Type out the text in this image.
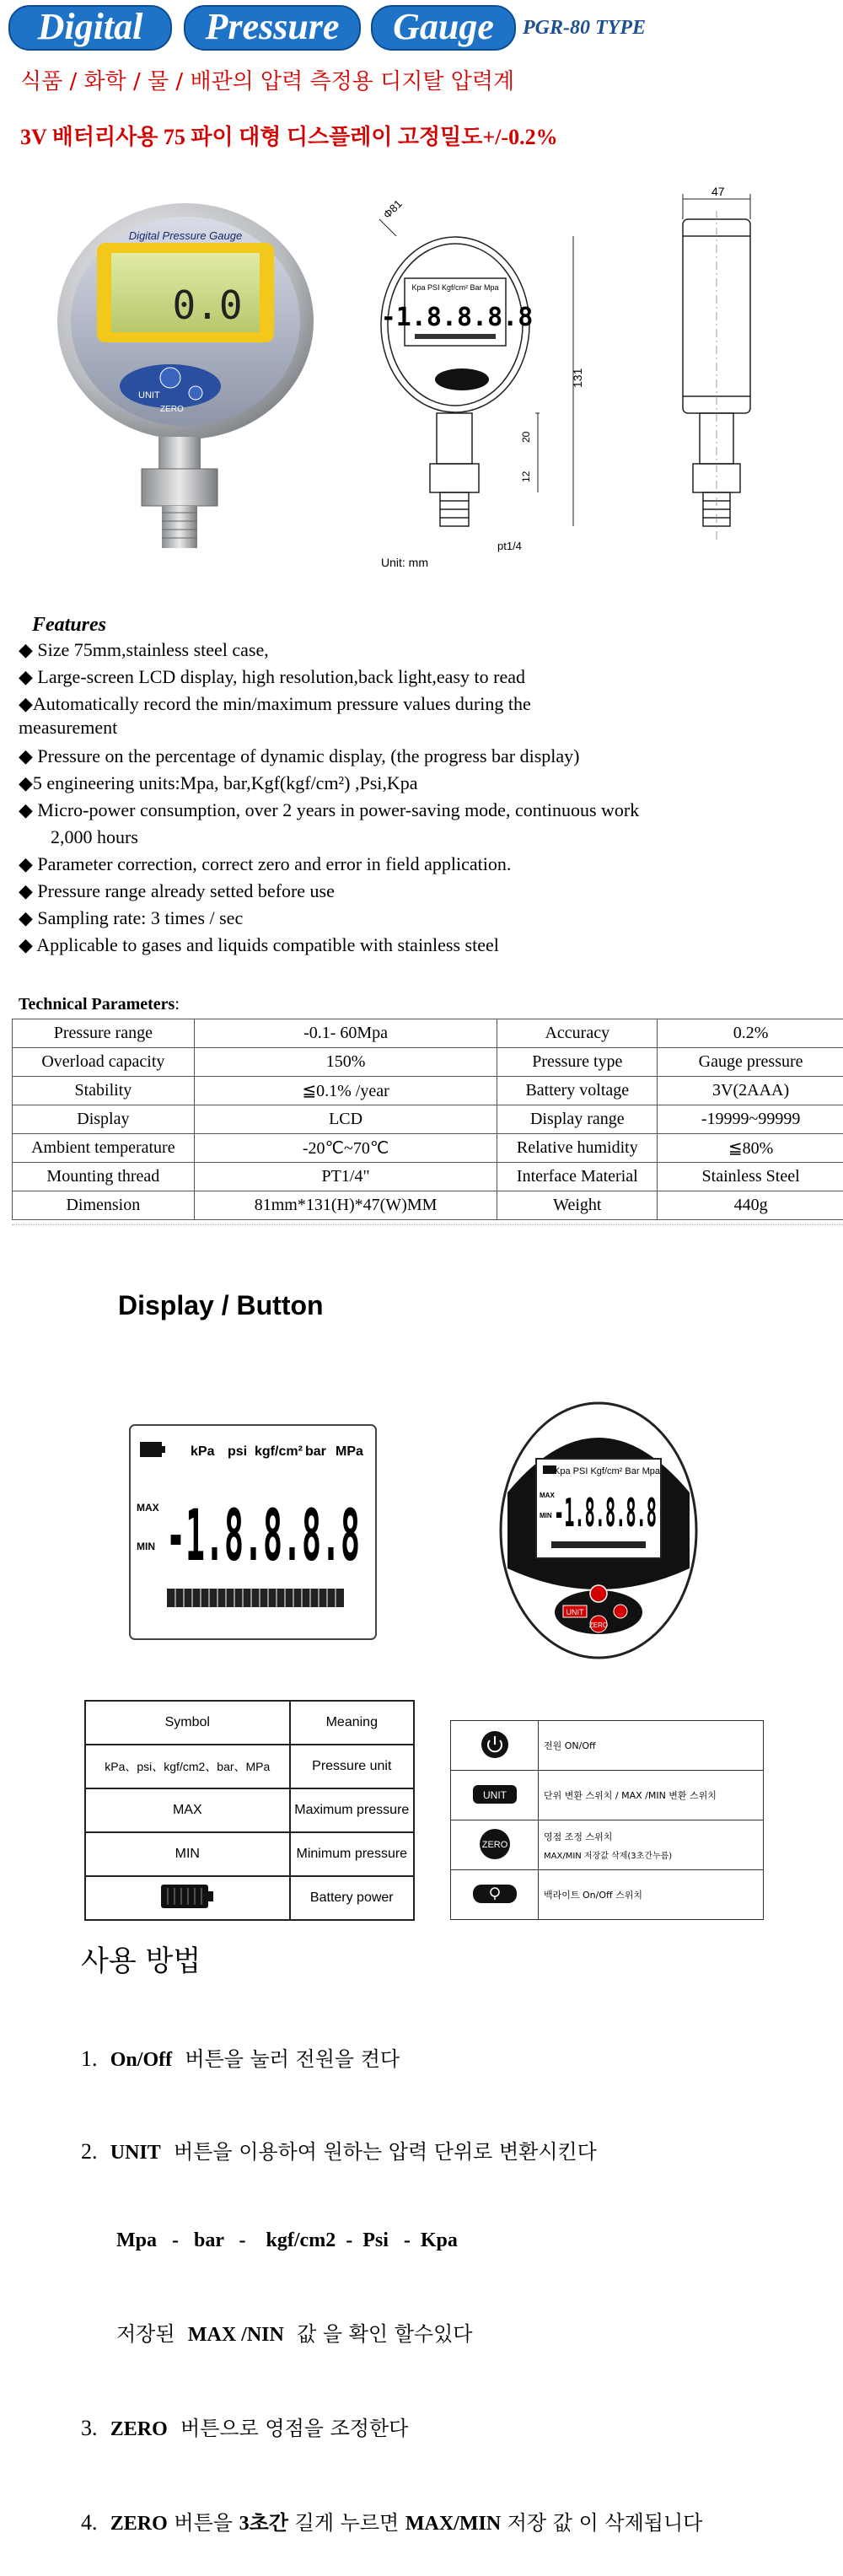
Digital	Pressure	Gauge	PGR-80 TYPE
식품 / 화학 / 물 / 배관의 압력 측정용 디지탈 압력계
3V 배터리사용 75 파이 대형 디스플레이 고정밀도+/-0.2%
Digital Pressure Gauge
0.0
UNIT
ZERO
Kpa PSI Kgf/cm² Bar Mpa
-1.8.8.8.8
Φ81
131
20
12
pt1/4
Unit: mm
47
Features
◆ Size 75mm,stainless steel case,
◆ Large-screen LCD display, high resolution,back light,easy to read
◆Automatically record the min/maximum pressure values during the
measurement
◆ Pressure on the percentage of dynamic display, (the progress bar display)
◆5 engineering units:Mpa, bar,Kgf(kgf/cm²) ,Psi,Kpa
◆ Micro-power consumption, over 2 years in power-saving mode, continuous work
2,000 hours
◆ Parameter correction, correct zero and error in field application.
◆ Pressure range already setted before use
◆ Sampling rate: 3 times / sec
◆ Applicable to gases and liquids compatible with stainless steel
Technical Parameters:
Pressure range	-0.1- 60Mpa	Accuracy	0.2%
Overload capacity	150%	Pressure type	Gauge pressure
Stability	≦0.1% /year	Battery voltage	3V(2AAA)
Display	LCD	Display range	-19999~99999
Ambient temperature	-20℃~70℃	Relative humidity	≦80%
Mounting thread	PT1/4"	Interface Material	Stainless Steel
Dimension	81mm*131(H)*47(W)MM	Weight	440g
Display / Button
kPa psi kgf/cm² bar MPa
MAX
MIN -1.8.8.8.8
Kpa PSI Kgf/cm² Bar Mpa
MAX
MIN -1.8.8.8.8
UNIT
ZERO
Symbol	Meaning
kPa、psi、kgf/cm2、bar、MPa	Pressure unit
MAX	Maximum pressure
MIN	Minimum pressure
	Battery power
	전원 ON/Off

UNIT	단위 변환 스위치 / MAX /MIN 변환 스위치

ZERO	영점 조정 스위치
MAX/MIN 저장값 삭제(3초간누름)

	백라이트 On/Off 스위치
사용 방법
1. On/Off 버튼을 눌러 전원을 켠다
2. UNIT 버튼을 이용하여 원하는 압력 단위로 변환시킨다
Mpa   -   bar   -    kgf/cm2  -  Psi   -  Kpa
저장된 MAX /NIN 값 을 확인 할수있다
3. ZERO 버튼으로 영점을 조정한다
4. ZERO 버튼을 3초간 길게 누르면 MAX/MIN 저장 값 이 삭제됩니다
